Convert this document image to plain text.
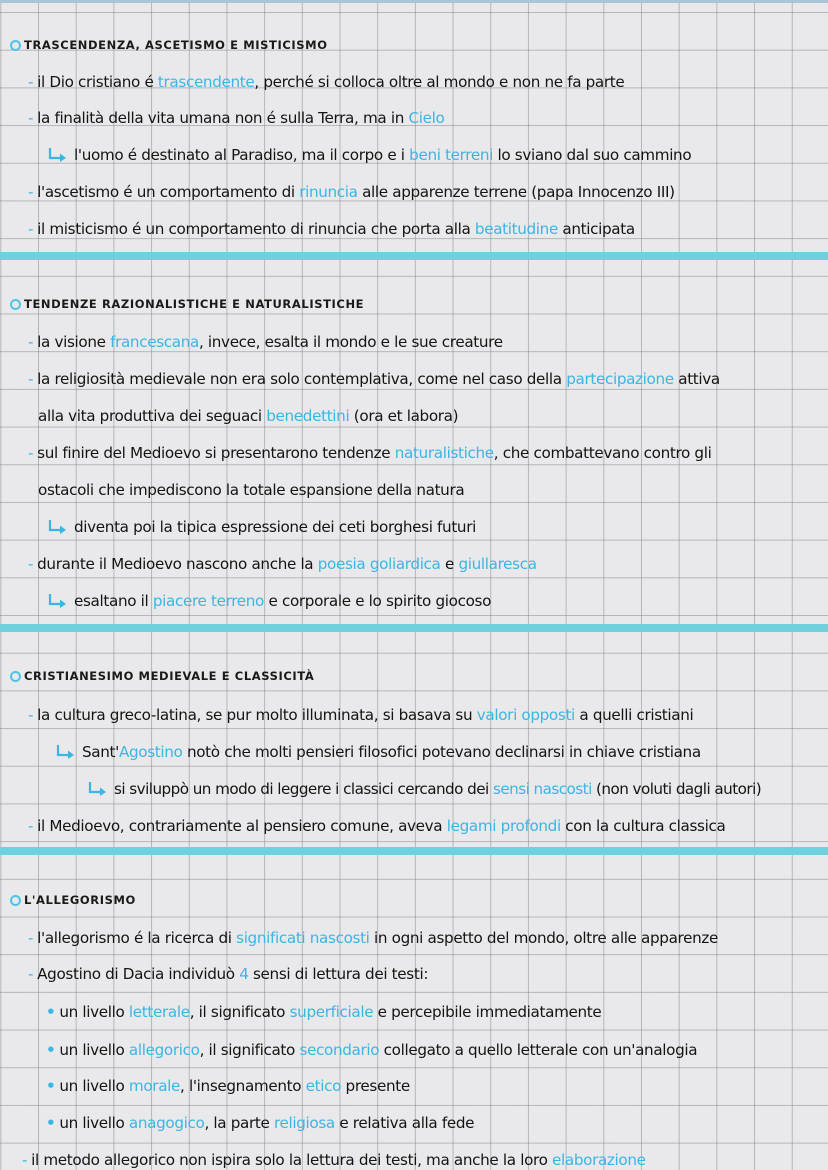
TRASCENDENZA, ASCETISMO E MISTICISMO
- il Dio cristiano é trascendente, perché si colloca oltre al mondo e non ne fa parte
- la finalità della vita umana non é sulla Terra, ma in Cielo
l'uomo é destinato al Paradiso, ma il corpo e i beni terreni lo sviano dal suo cammino
- l'ascetismo é un comportamento di rinuncia alle apparenze terrene (papa Innocenzo III)
- il misticismo é un comportamento di rinuncia che porta alla beatitudine anticipata
TENDENZE RAZIONALISTICHE E NATURALISTICHE
- la visione francescana, invece, esalta il mondo e le sue creature
- la religiosità medievale non era solo contemplativa, come nel caso della partecipazione attiva
alla vita produttiva dei seguaci benedettini (ora et labora)
- sul finire del Medioevo si presentarono tendenze naturalistiche, che combattevano contro gli
ostacoli che impediscono la totale espansione della natura
diventa poi la tipica espressione dei ceti borghesi futuri
- durante il Medioevo nascono anche la poesia goliardica e giullaresca
esaltano il piacere terreno e corporale e lo spirito giocoso
CRISTIANESIMO MEDIEVALE E CLASSICITÀ
- la cultura greco-latina, se pur molto illuminata, si basava su valori opposti a quelli cristiani
Sant'Agostino notò che molti pensieri filosofici potevano declinarsi in chiave cristiana
si sviluppò un modo di leggere i classici cercando dei sensi nascosti (non voluti dagli autori)
- il Medioevo, contrariamente al pensiero comune, aveva legami profondi con la cultura classica
L'ALLEGORISMO
- l'allegorismo é la ricerca di significati nascosti in ogni aspetto del mondo, oltre alle apparenze
- Agostino di Dacia individuò 4 sensi di lettura dei testi:
• un livello letterale, il significato superficiale e percepibile immediatamente
• un livello allegorico, il significato secondario collegato a quello letterale con un'analogia
• un livello morale, l'insegnamento etico presente
• un livello anagogico, la parte religiosa e relativa alla fede
- il metodo allegorico non ispira solo la lettura dei testi, ma anche la loro elaborazione
